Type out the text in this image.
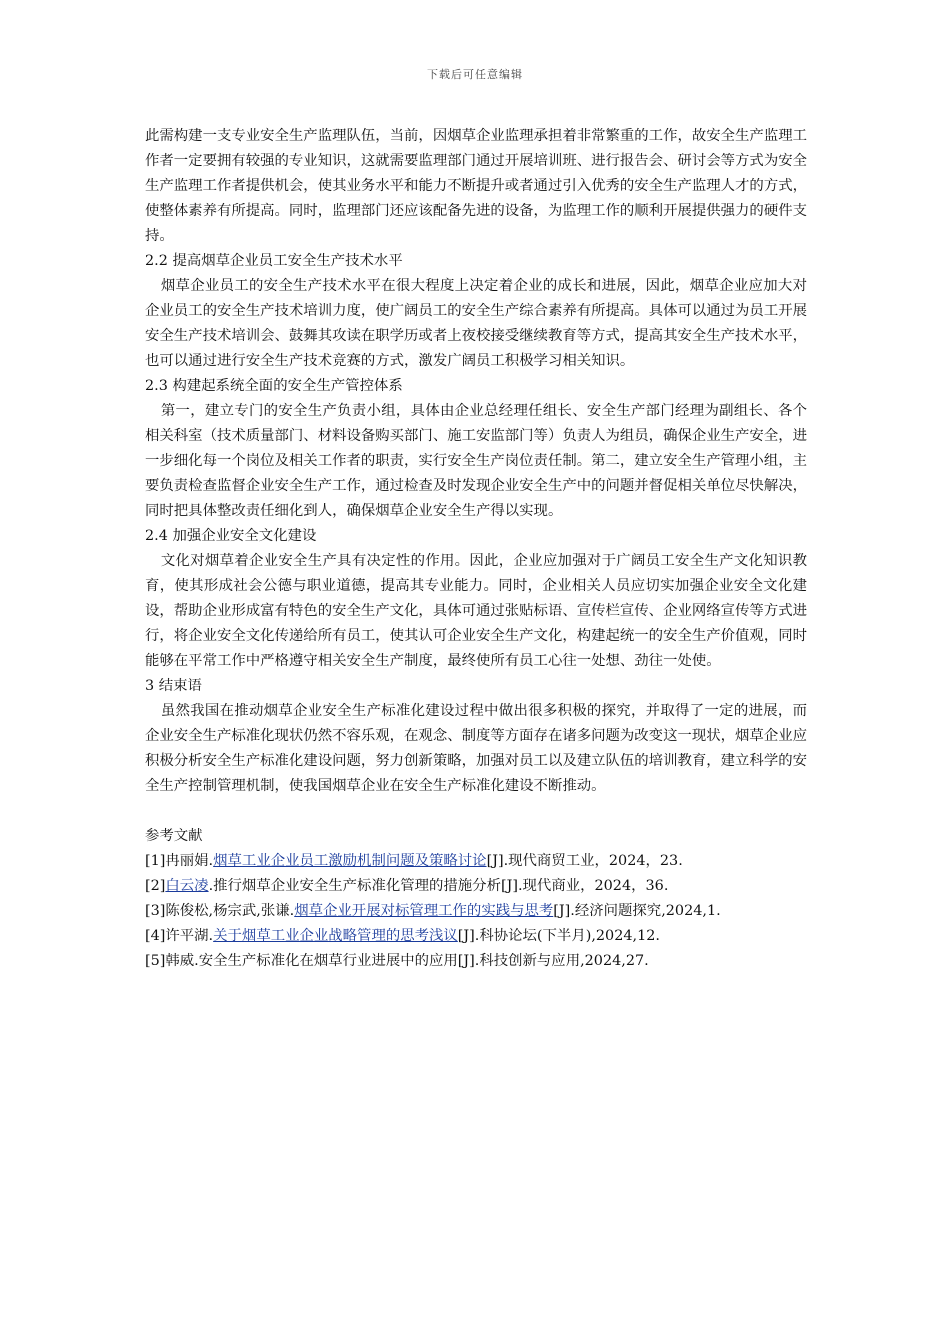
下载后可任意编辑

此需构建一支专业安全生产监理队伍，当前，因烟草企业监理承担着非常繁重的工作，故安全生产监理工作者一定要拥有较强的专业知识，这就需要监理部门通过开展培训班、进行报告会、研讨会等方式为安全生产监理工作者提供机会，使其业务水平和能力不断提升或者通过引入优秀的安全生产监理人才的方式，使整体素养有所提高。同时，监理部门还应该配备先进的设备，为监理工作的顺利开展提供强力的硬件支持。

2.2 提高烟草企业员工安全生产技术水平

烟草企业员工的安全生产技术水平在很大程度上决定着企业的成长和进展，因此，烟草企业应加大对企业员工的安全生产技术培训力度，使广阔员工的安全生产综合素养有所提高。具体可以通过为员工开展安全生产技术培训会、鼓舞其攻读在职学历或者上夜校接受继续教育等方式，提高其安全生产技术水平，也可以通过进行安全生产技术竞赛的方式，激发广阔员工积极学习相关知识。

2.3 构建起系统全面的安全生产管控体系

第一，建立专门的安全生产负责小组，具体由企业总经理任组长、安全生产部门经理为副组长、各个相关科室（技术质量部门、材料设备购买部门、施工安监部门等）负责人为组员，确保企业生产安全，进一步细化每一个岗位及相关工作者的职责，实行安全生产岗位责任制。第二，建立安全生产管理小组，主要负责检查监督企业安全生产工作，通过检查及时发现企业安全生产中的问题并督促相关单位尽快解决，同时把具体整改责任细化到人，确保烟草企业安全生产得以实现。

2.4 加强企业安全文化建设

文化对烟草着企业安全生产具有决定性的作用。因此，企业应加强对于广阔员工安全生产文化知识教育，使其形成社会公德与职业道德，提高其专业能力。同时，企业相关人员应切实加强企业安全文化建设，帮助企业形成富有特色的安全生产文化，具体可通过张贴标语、宣传栏宣传、企业网络宣传等方式进行，将企业安全文化传递给所有员工，使其认可企业安全生产文化，构建起统一的安全生产价值观，同时能够在平常工作中严格遵守相关安全生产制度，最终使所有员工心往一处想、劲往一处使。

3 结束语

虽然我国在推动烟草企业安全生产标准化建设过程中做出很多积极的探究，并取得了一定的进展，而企业安全生产标准化现状仍然不容乐观，在观念、制度等方面存在诸多问题为改变这一现状，烟草企业应积极分析安全生产标准化建设问题，努力创新策略，加强对员工以及建立队伍的培训教育，建立科学的安全生产控制管理机制，使我国烟草企业在安全生产标准化建设不断推动。

参考文献

[1]冉丽娟.烟草工业企业员工激励机制问题及策略讨论[J].现代商贸工业，2024，23.

[2]白云凌.推行烟草企业安全生产标准化管理的措施分析[J].现代商业，2024，36.

[3]陈俊松,杨宗武,张谦.烟草企业开展对标管理工作的实践与思考[J].经济问题探究,2024,1.

[4]许平湖.关于烟草工业企业战略管理的思考浅议[J].科协论坛(下半月),2024,12.

[5]韩威.安全生产标准化在烟草行业进展中的应用[J].科技创新与应用,2024,27.
